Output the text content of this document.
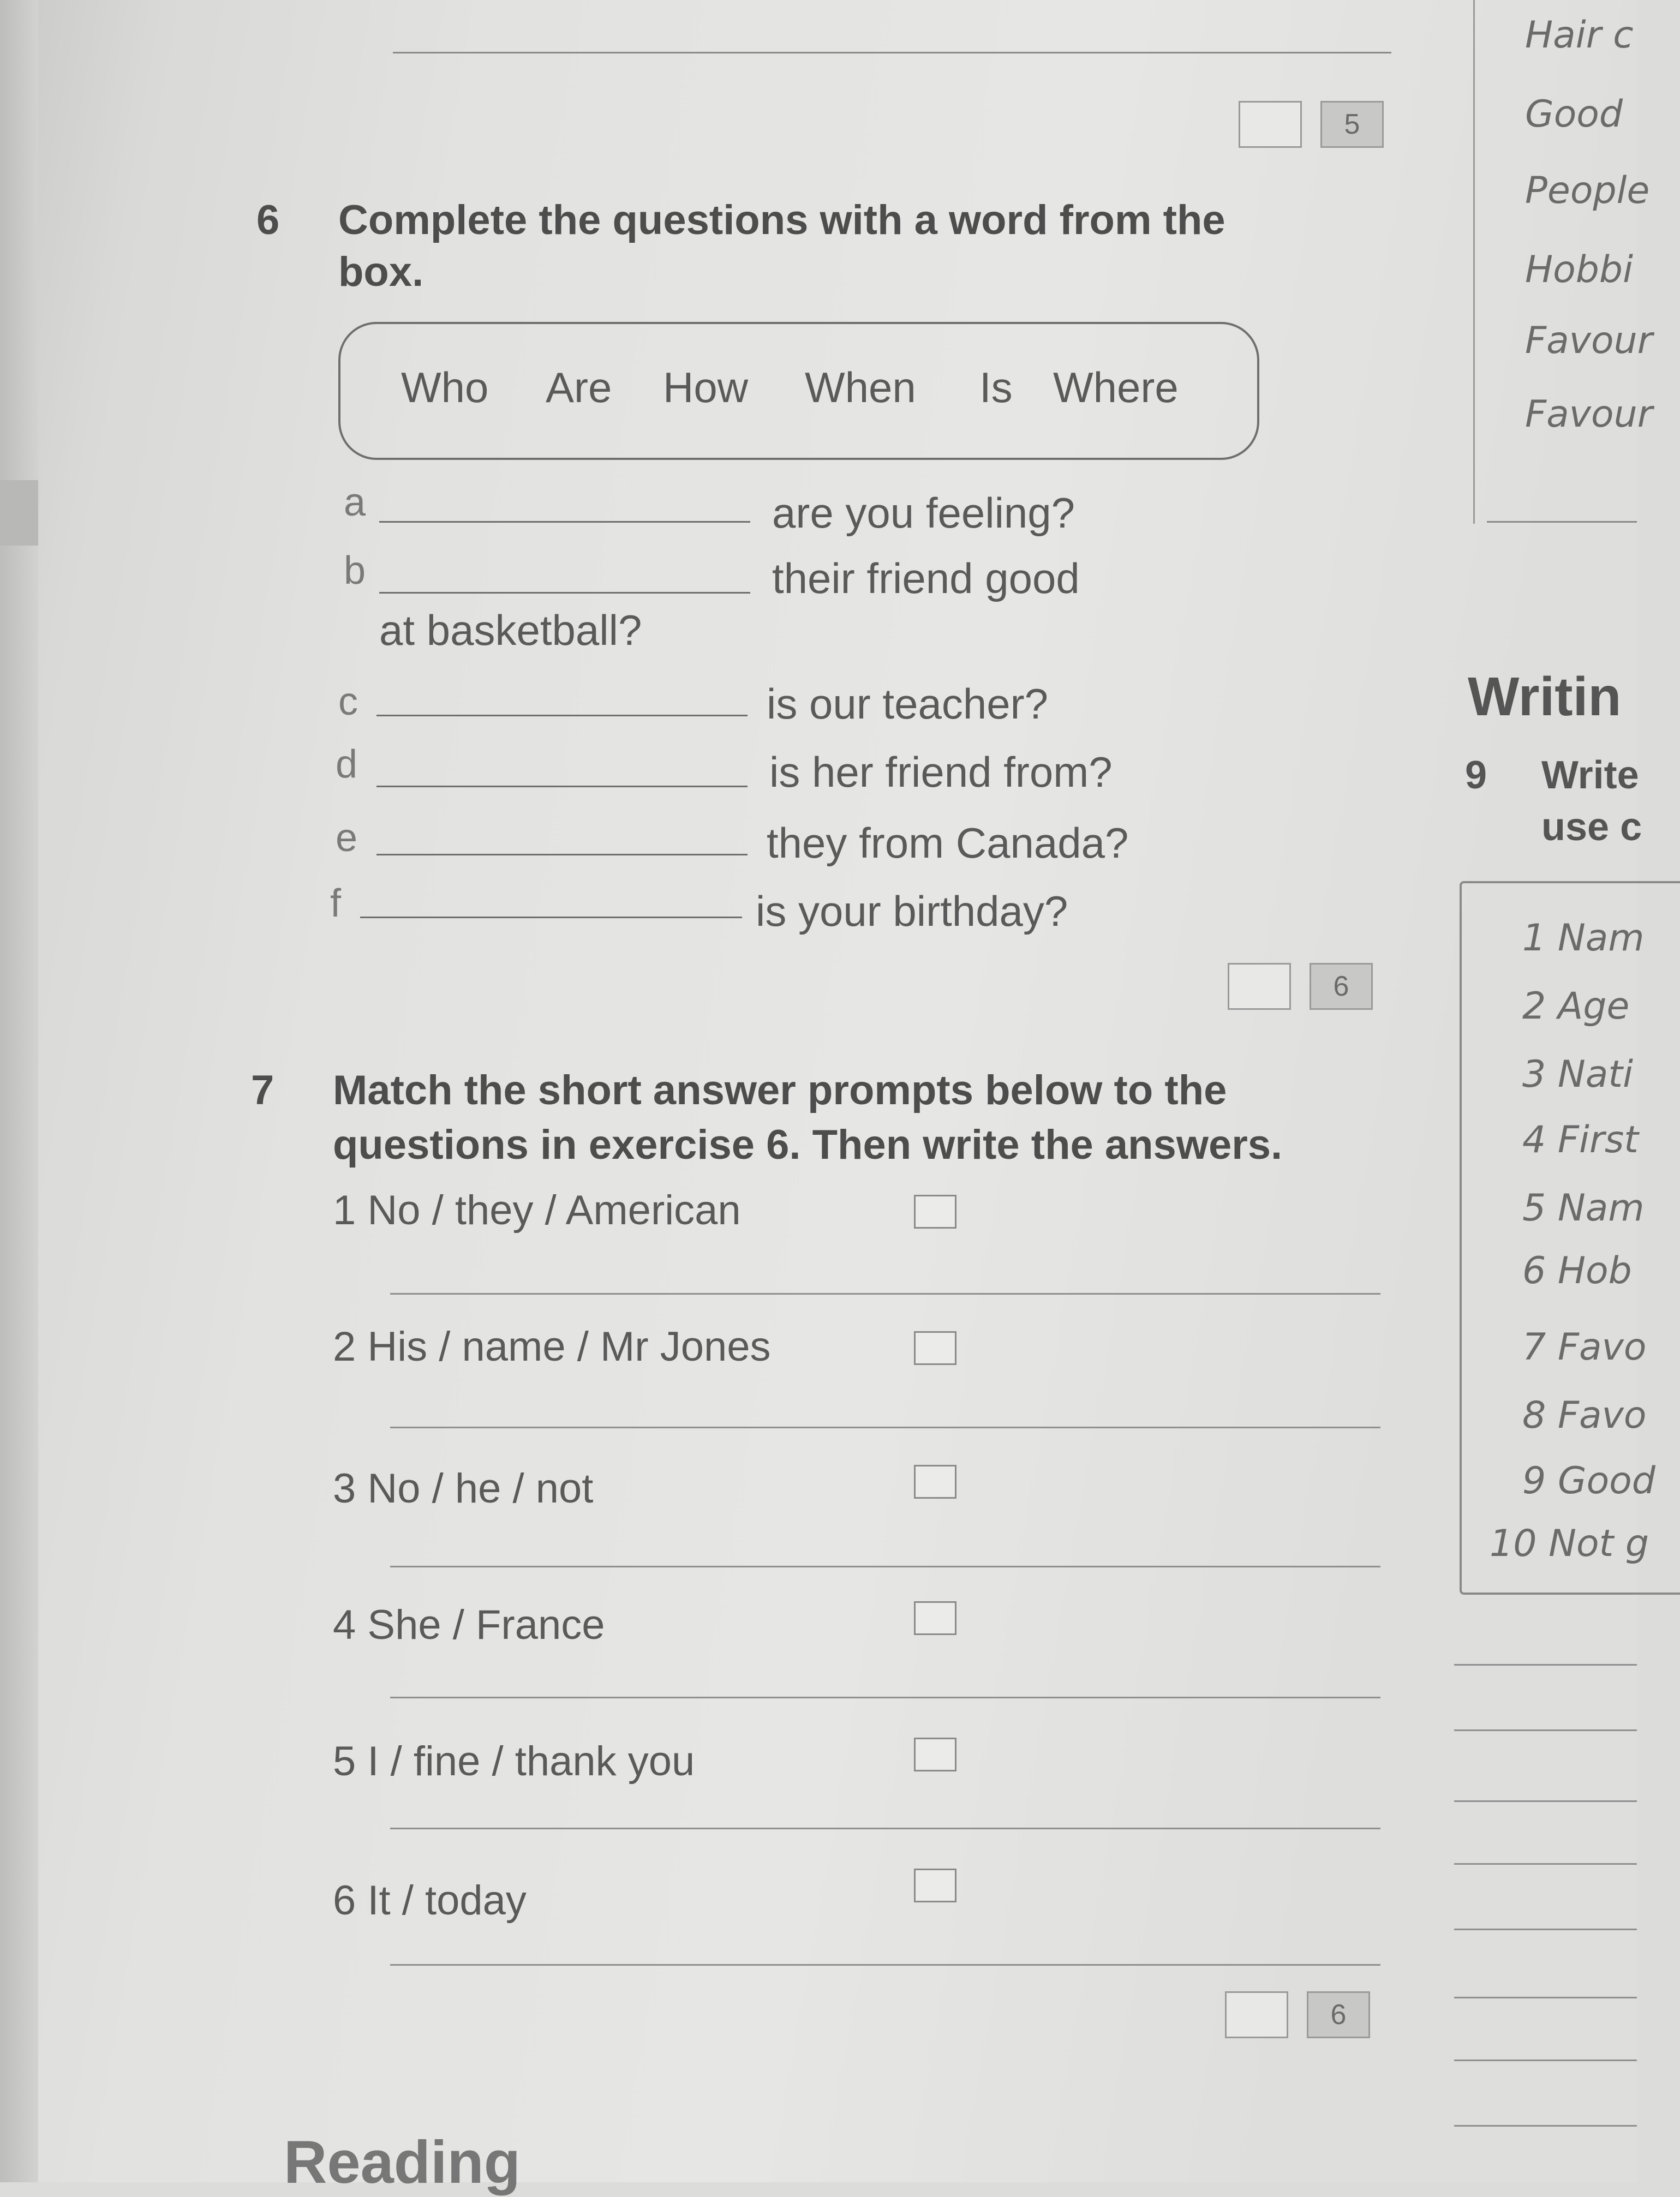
5
6 Complete the questions with a word from the
box.
Who Are How When Is Where
a	are you feeling?
b	their friend good
at basketball?
c	is our teacher?
d	is her friend from?
e	they from Canada?
f	is your birthday?
6
7 Match the short answer prompts below to the
questions in exercise 6. Then write the answers.
1 No / they / American
2 His / name / Mr Jones
3 No / he / not
4 She / France
5 I / fine / thank you
6 It / today
6
Reading
Hair c
Good
People
Hobbi
Favour
Favour
Writin
9 Write
use c
1 Nam
2 Age
3 Nati
4 First
5 Nam
6 Hob
7 Favo
8 Favo
9 Good
10 Not g
